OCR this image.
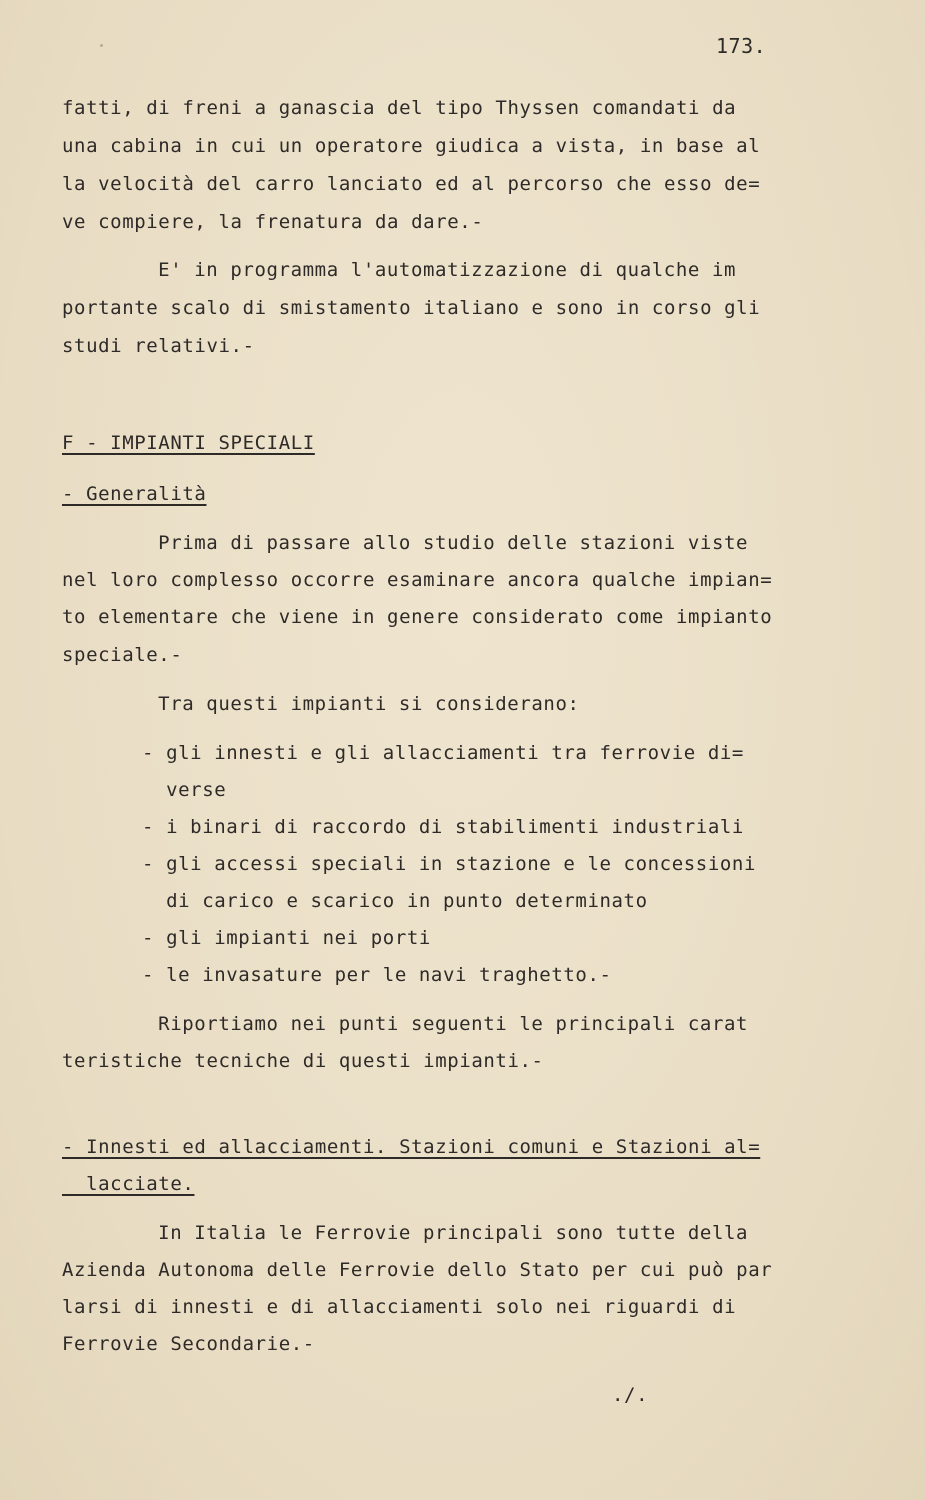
173.
fatti, di freni a ganascia del tipo Thyssen comandati da
una cabina in cui un operatore giudica a vista, in base al
la velocità del carro lanciato ed al percorso che esso de=
ve compiere, la frenatura da dare.-
E' in programma l'automatizzazione di qualche im
portante scalo di smistamento italiano e sono in corso gli
studi relativi.-
F - IMPIANTI SPECIALI
- Generalità
Prima di passare allo studio delle stazioni viste
nel loro complesso occorre esaminare ancora qualche impian=
to elementare che viene in genere considerato come impianto
speciale.-
Tra questi impianti si considerano:
- gli innesti e gli allacciamenti tra ferrovie di=
verse
- i binari di raccordo di stabilimenti industriali
- gli accessi speciali in stazione e le concessioni
di carico e scarico in punto determinato
- gli impianti nei porti
- le invasature per le navi traghetto.-
Riportiamo nei punti seguenti le principali carat
teristiche tecniche di questi impianti.-
- Innesti ed allacciamenti. Stazioni comuni e Stazioni al=
lacciate.
In Italia le Ferrovie principali sono tutte della
Azienda Autonoma delle Ferrovie dello Stato per cui può par
larsi di innesti e di allacciamenti solo nei riguardi di
Ferrovie Secondarie.-
./.
